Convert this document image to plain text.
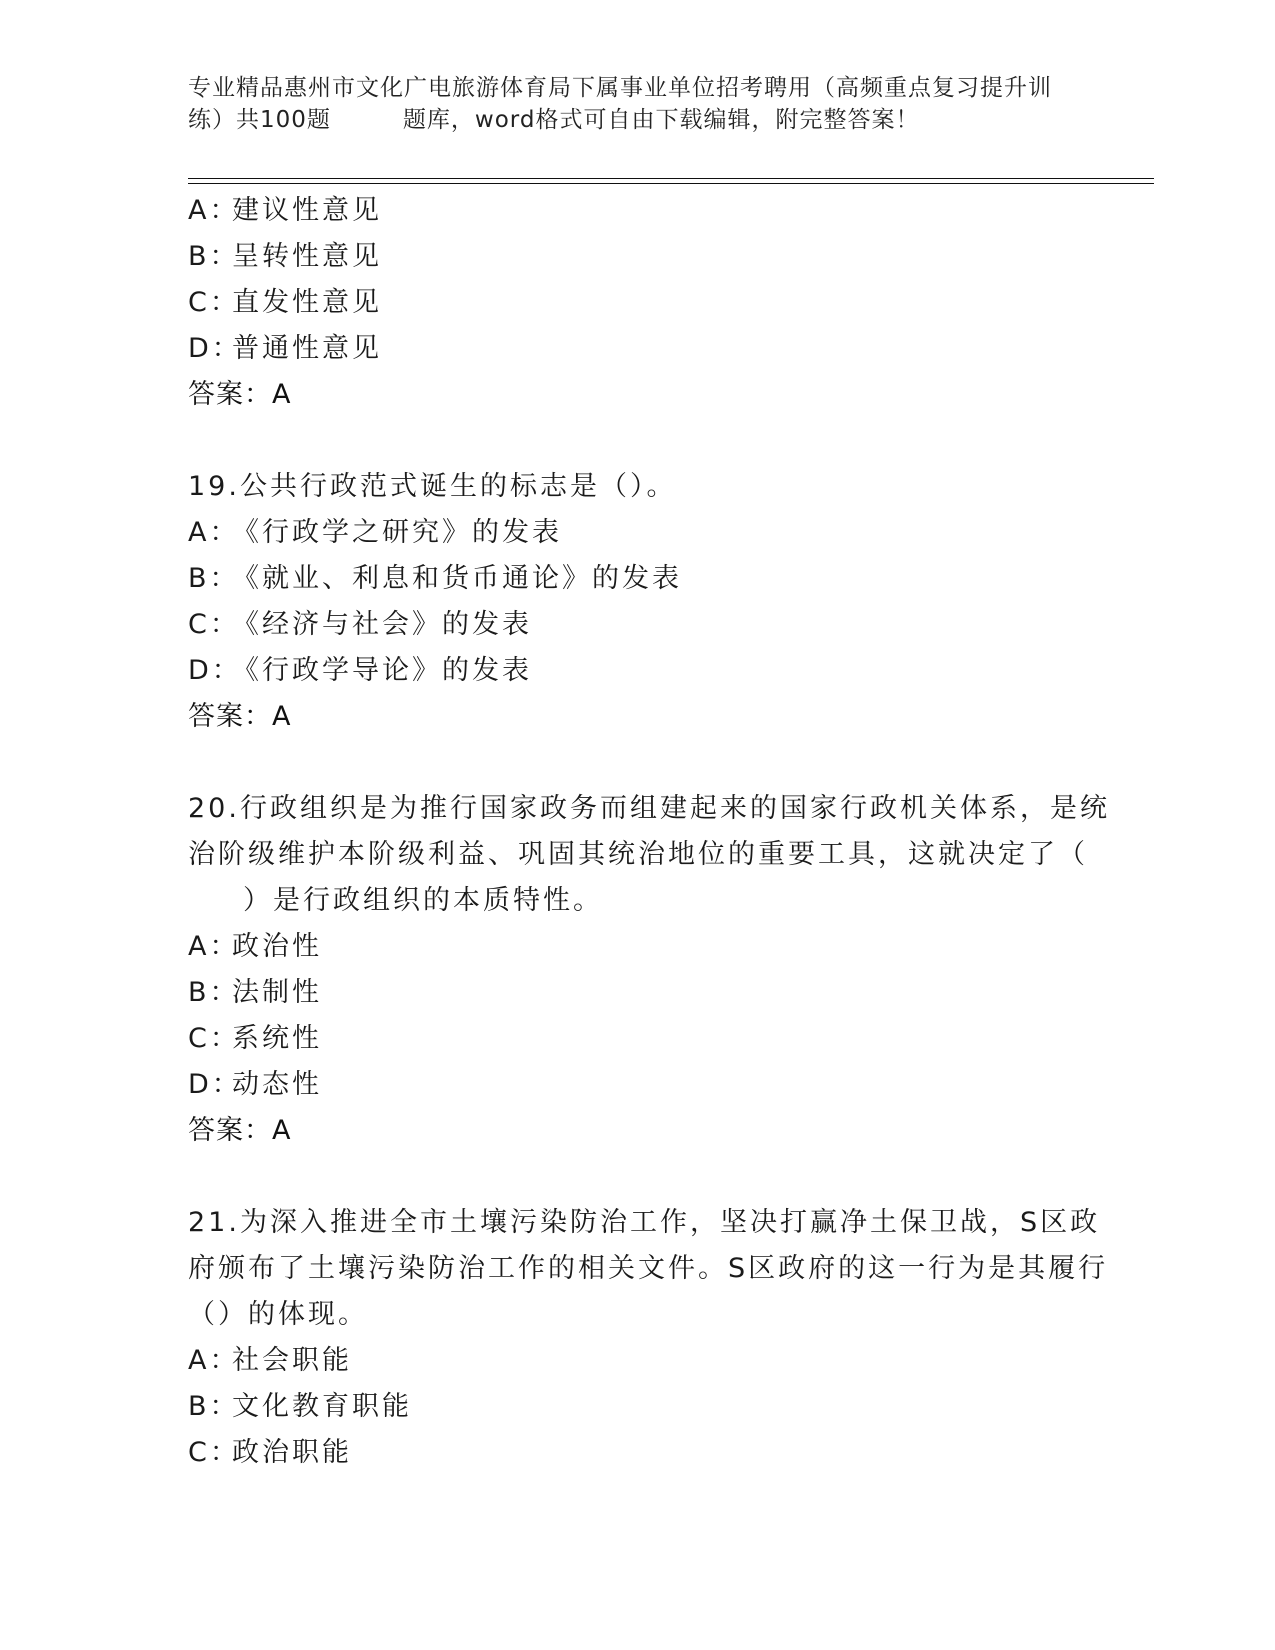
专业精品惠州市文化广电旅游体育局下属事业单位招考聘用（高频重点复习提升训
练）共100题	题库，word格式可自由下载编辑，附完整答案！
A：建议性意见
B：呈转性意见
C：直发性意见
D：普通性意见
答案：A
19.公共行政范式诞生的标志是（）。
A：《行政学之研究》的发表
B：《就业、利息和货币通论》的发表
C：《经济与社会》的发表
D：《行政学导论》的发表
答案：A
20.行政组织是为推行国家政务而组建起来的国家行政机关体系，是统
治阶级维护本阶级利益、巩固其统治地位的重要工具，这就决定了（
）是行政组织的本质特性。
A：政治性
B：法制性
C：系统性
D：动态性
答案：A
21.为深入推进全市土壤污染防治工作，坚决打赢净土保卫战，S区政
府颁布了土壤污染防治工作的相关文件。S区政府的这一行为是其履行
（）的体现。
A：社会职能
B：文化教育职能
C：政治职能
